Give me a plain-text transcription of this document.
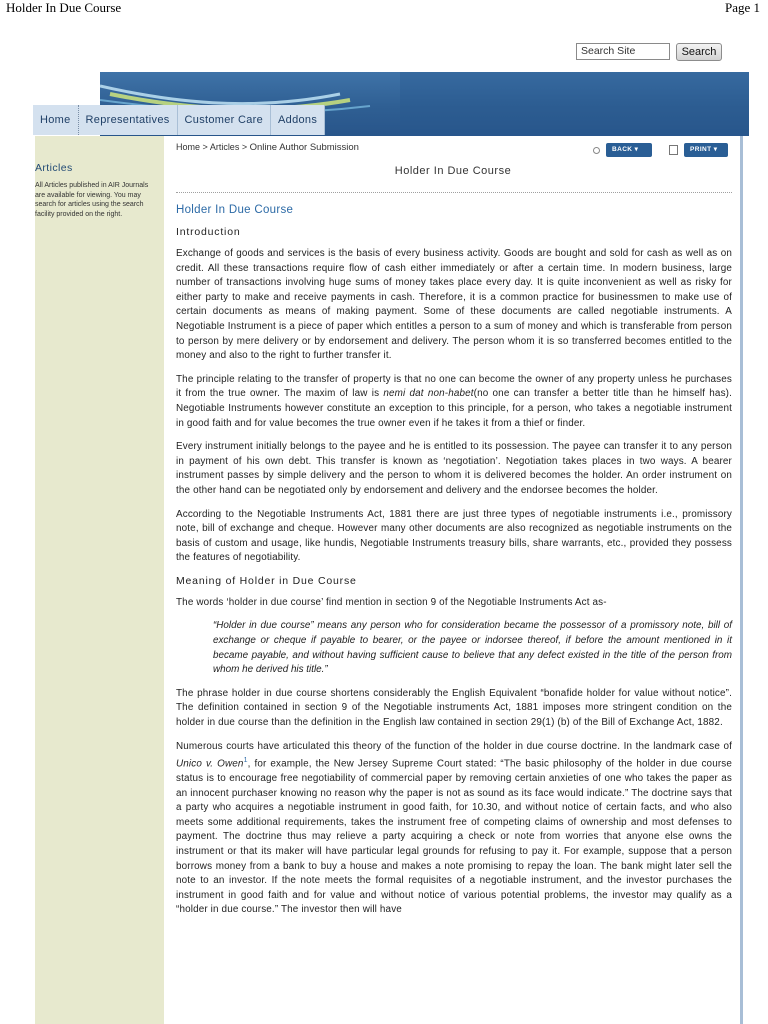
Holder In Due Course	Page 1
Search Site	Search
Home	Representatives	Customer Care	Addons
Articles

All Articles published in AIR Journals are available for viewing. You may search for articles using the search facility provided on the right.

Home > Articles > Online Author Submission	BACK ▾	PRINT ▾
Holder In Due Course
Holder In Due Course
Introduction

Exchange of goods and services is the basis of every business activity. Goods are bought and sold for cash as well as on credit. All these transactions require flow of cash either immediately or after a certain time. In modern business, large number of transactions involving huge sums of money takes place every day. It is quite inconvenient as well as risky for either party to make and receive payments in cash. Therefore, it is a common practice for businessmen to make use of certain documents as means of making payment. Some of these documents are called negotiable instruments. A Negotiable Instrument is a piece of paper which entitles a person to a sum of money and which is transferable from person to person by mere delivery or by endorsement and delivery. The person whom it is so transferred becomes entitled to the money and also to the right to further transfer it.

The principle relating to the transfer of property is that no one can become the owner of any property unless he purchases it from the true owner. The maxim of law is nemi dat non-habet(no one can transfer a better title than he himself has). Negotiable Instruments however constitute an exception to this principle, for a person, who takes a negotiable instrument in good faith and for value becomes the true owner even if he takes it from a thief or finder.

Every instrument initially belongs to the payee and he is entitled to its possession. The payee can transfer it to any person in payment of his own debt. This transfer is known as ‘negotiation’. Negotiation takes places in two ways. A bearer instrument passes by simple delivery and the person to whom it is delivered becomes the holder. An order instrument on the other hand can be negotiated only by endorsement and delivery and the endorsee becomes the holder.

According to the Negotiable Instruments Act, 1881 there are just three types of negotiable instruments i.e., promissory note, bill of exchange and cheque. However many other documents are also recognized as negotiable instruments on the basis of custom and usage, like hundis, Negotiable Instruments treasury bills, share warrants, etc., provided they possess the features of negotiability.

Meaning of Holder in Due Course

The words ‘holder in due course’ find mention in section 9 of the Negotiable Instruments Act as-

“Holder in due course” means any person who for consideration became the possessor of a promissory note, bill of exchange or cheque if payable to bearer, or the payee or indorsee thereof, if before the amount mentioned in it became payable, and without having sufficient cause to believe that any defect existed in the title of the person from whom he derived his title.”

The phrase holder in due course shortens considerably the English Equivalent “bonafide holder for value without notice”. The definition contained in section 9 of the Negotiable instruments Act, 1881 imposes more stringent condition on the holder in due course than the definition in the English law contained in section 29(1) (b) of the Bill of Exchange Act, 1882.

Numerous courts have articulated this theory of the function of the holder in due course doctrine. In the landmark case of Unico v. Owen$^1$, for example, the New Jersey Supreme Court stated: “The basic philosophy of the holder in due course status is to encourage free negotiability of commercial paper by removing certain anxieties of one who takes the paper as an innocent purchaser knowing no reason why the paper is not as sound as its face would indicate.” The doctrine says that a party who acquires a negotiable instrument in good faith, for 10.30, and without notice of certain facts, and who also meets some additional requirements, takes the instrument free of competing claims of ownership and most defenses to payment. The doctrine thus may relieve a party acquiring a check or note from worries that anyone else owns the instrument or that its maker will have particular legal grounds for refusing to pay it. For example, suppose that a person borrows money from a bank to buy a house and makes a note promising to repay the loan. The bank might later sell the note to an investor. If the note meets the formal requisites of a negotiable instrument, and the investor purchases the instrument in good faith and for value and without notice of various potential problems, the investor may qualify as a “holder in due course.” The investor then will have
